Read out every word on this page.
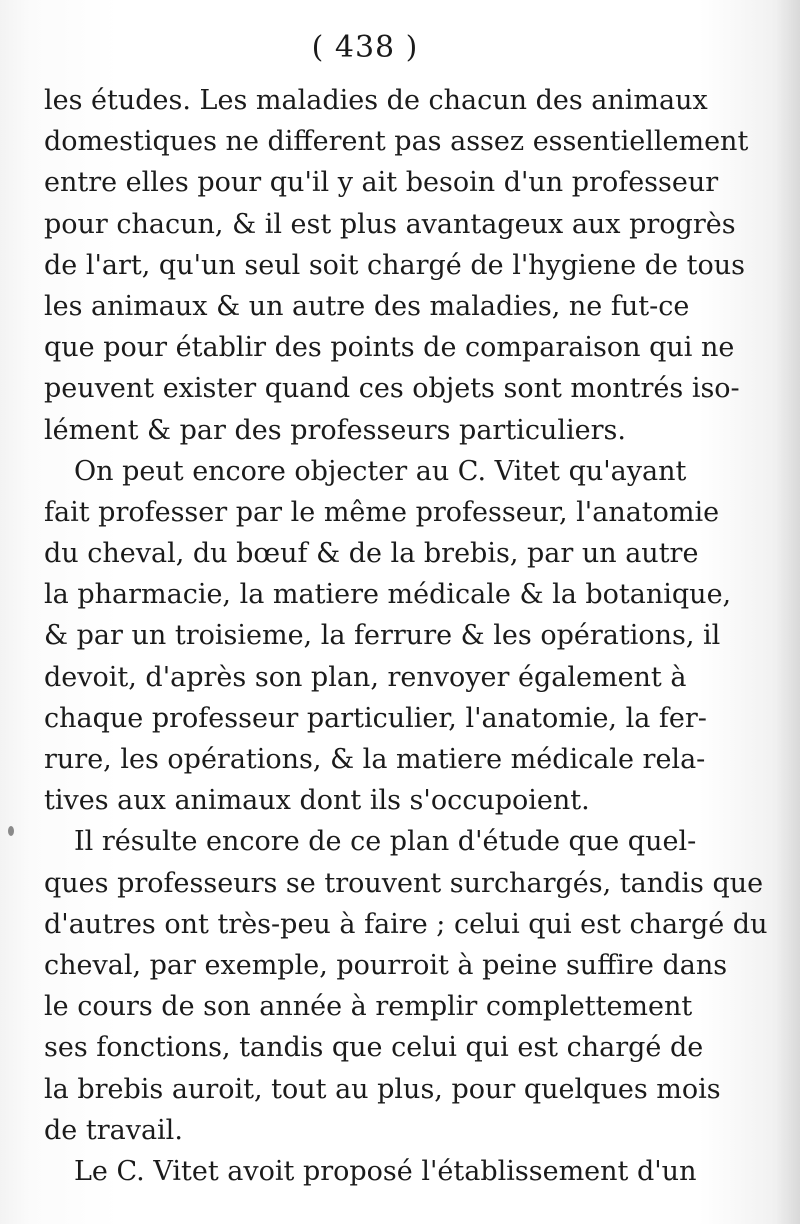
( 438 )
les études. Les maladies de chacun des animaux
domestiques ne different pas assez essentiellement
entre elles pour qu'il y ait besoin d'un professeur
pour chacun, & il est plus avantageux aux progrès
de l'art, qu'un seul soit chargé de l'hygiene de tous
les animaux & un autre des maladies, ne fut-ce
que pour établir des points de comparaison qui ne
peuvent exister quand ces objets sont montrés iso-
lément & par des professeurs particuliers.
On peut encore objecter au C. Vitet qu'ayant
fait professer par le même professeur, l'anatomie
du cheval, du bœuf & de la brebis, par un autre
la pharmacie, la matiere médicale & la botanique,
& par un troisieme, la ferrure & les opérations, il
devoit, d'après son plan, renvoyer également à
chaque professeur particulier, l'anatomie, la fer-
rure, les opérations, & la matiere médicale rela-
tives aux animaux dont ils s'occupoient.
Il résulte encore de ce plan d'étude que quel-
ques professeurs se trouvent surchargés, tandis que
d'autres ont très-peu à faire ; celui qui est chargé du
cheval, par exemple, pourroit à peine suffire dans
le cours de son année à remplir complettement
ses fonctions, tandis que celui qui est chargé de
la brebis auroit, tout au plus, pour quelques mois
de travail.
Le C. Vitet avoit proposé l'établissement d'un
